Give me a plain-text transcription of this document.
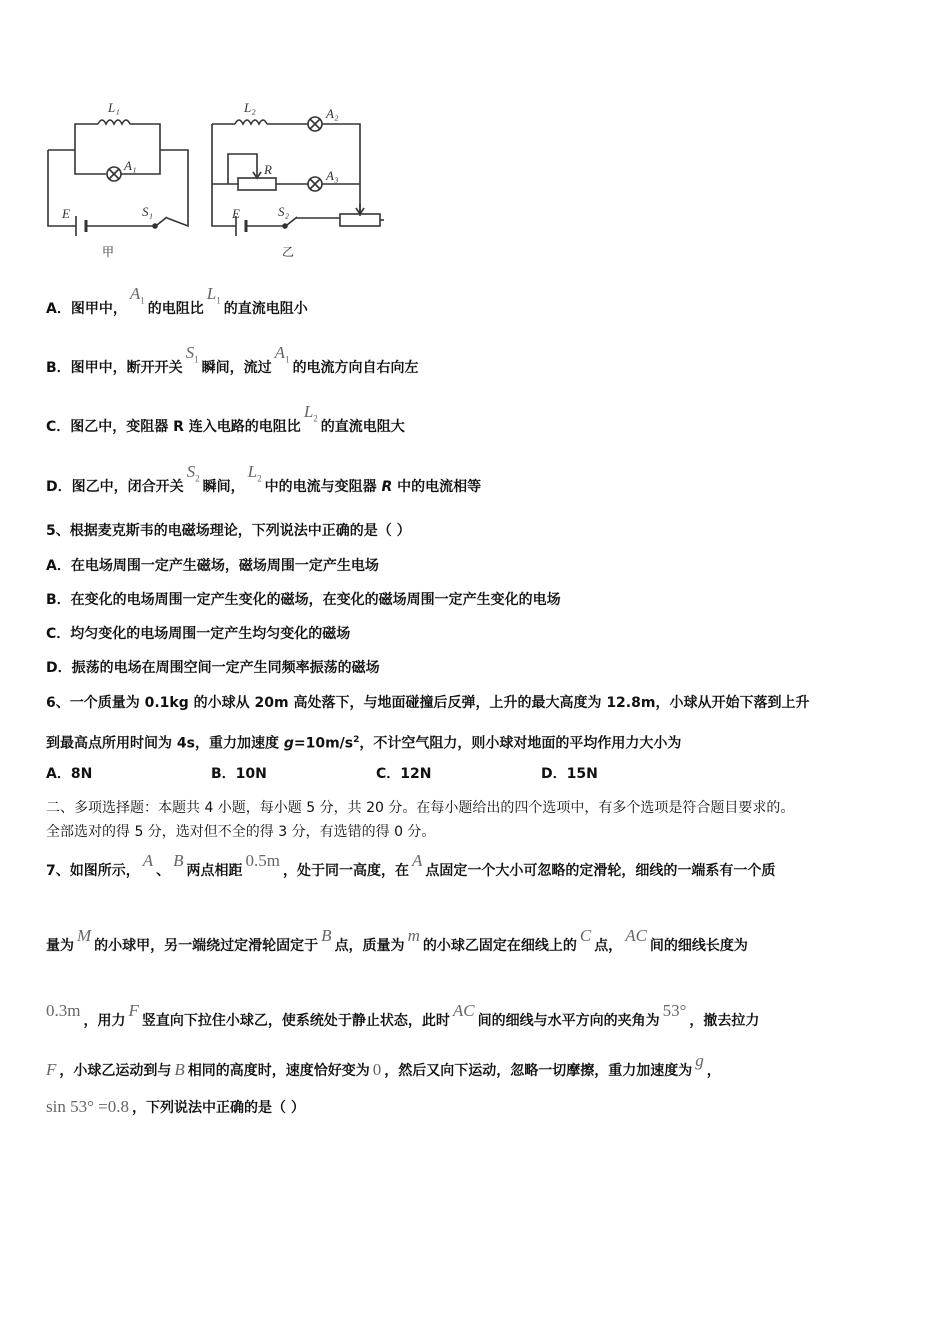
L₁
A₁
E	S₁
甲
L₂	A₂
R	A₃
E	S₂
乙
A．图甲中，$A_1$的电阻比$L_1$的直流电阻小
B．图甲中，断开开关$S_1$瞬间，流过$A_1$的电流方向自右向左
C．图乙中，变阻器 R 连入电路的电阻比$L_2$的直流电阻大
D．图乙中，闭合开关$S_2$瞬间，$L_2$中的电流与变阻器 R 中的电流相等
5、根据麦克斯韦的电磁场理论，下列说法中正确的是（ ）
A．在电场周围一定产生磁场，磁场周围一定产生电场
B．在变化的电场周围一定产生变化的磁场，在变化的磁场周围一定产生变化的电场
C．均匀变化的电场周围一定产生均匀变化的磁场
D．振荡的电场在周围空间一定产生同频率振荡的磁场
6、一个质量为 0.1kg 的小球从 20m 高处落下，与地面碰撞后反弹，上升的最大高度为 12.8m，小球从开始下落到上升
到最高点所用时间为 4s，重力加速度 $g=10m/s^2$，不计空气阻力，则小球对地面的平均作用力大小为
A．8N	B．10N	C．12N	D．15N
二、多项选择题：本题共 4 小题，每小题 5 分，共 20 分。在每小题给出的四个选项中，有多个选项是符合题目要求的。
全部选对的得 5 分，选对但不全的得 3 分，有选错的得 0 分。
7、如图所示，A、B两点相距0.5m，处于同一高度，在A点固定一个大小可忽略的定滑轮，细线的一端系有一个质
量为M的小球甲，另一端绕过定滑轮固定于B点，质量为m的小球乙固定在细线上的C点，AC间的细线长度为
0.3m，用力F竖直向下拉住小球乙，使系统处于静止状态，此时AC间的细线与水平方向的夹角为53°，撤去拉力
F ，小球乙运动到与 B 相同的高度时，速度恰好变为 0 ，然后又向下运动，忽略一切摩擦，重力加速度为g，
sin 53° =0.8 ，下列说法中正确的是（ ）
